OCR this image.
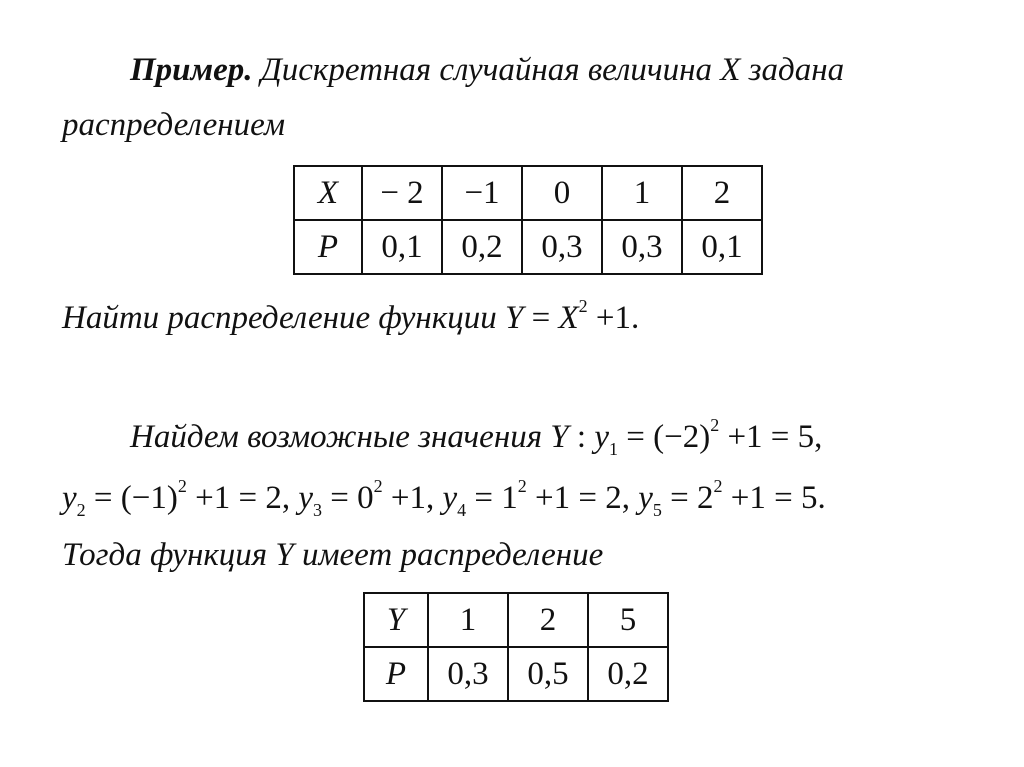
Пример. Дискретная случайная величина X задана
распределением
X	− 2	−1	0	1	2
P	0,1	0,2	0,3	0,3	0,1
Найти распределение функции $Y = X^2 +1$.
Найдем возможные значения Y : $y_1 = (-2)^2 +1 = 5$,
$y_2 = (-1)^2 +1 = 2$, $y_3 = 0^2 +1$, $y_4 = 1^2 +1 = 2$, $y_5 = 2^2 +1 = 5$.
Тогда функция Y имеет распределение
Y	1	2	5
P	0,3	0,5	0,2
